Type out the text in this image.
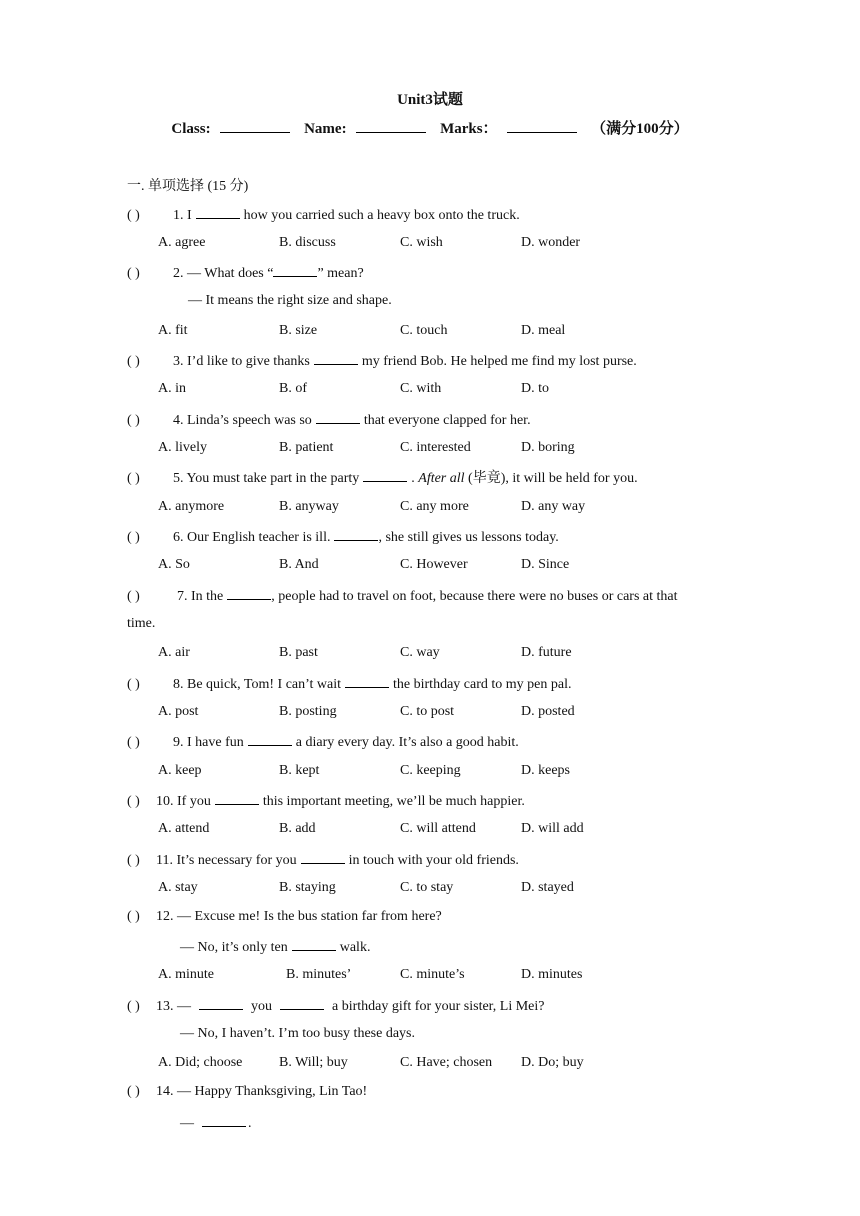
Unit3试题
Class:	Name:	Marks：	（满分100分）
一. 单项选择 (15 分)
( ) 1. I	how you carried such a heavy box onto the truck.
A. agree	B. discuss	C. wish	D. wonder
( ) 2. — What does “	” mean?
— It means the right size and shape.
A. fit	B. size	C. touch	D. meal
( ) 3. I’d like to give thanks	my friend Bob. He helped me find my lost purse.
A. in	B. of	C. with	D. to
( ) 4. Linda’s speech was so	that everyone clapped for her.
A. lively	B. patient	C. interested	D. boring
( ) 5. You must take part in the party	. After all (毕竟), it will be held for you.
A. anymore	B. anyway	C. any more	D. any way
( ) 6. Our English teacher is ill.	, she still gives us lessons today.
A. So	B. And	C. However	D. Since
( )	7. In the	, people had to travel on foot, because there were no buses or cars at that
time.
A. air	B. past	C. way	D. future
( ) 8. Be quick, Tom! I can’t wait	the birthday card to my pen pal.
A. post	B. posting	C. to post	D. posted
( ) 9. I have fun	a diary every day. It’s also a good habit.
A. keep	B. kept	C. keeping	D. keeps
( ) 10. If you	this important meeting, we’ll be much happier.
A. attend	B. add	C. will attend	D. will add
( ) 11. It’s necessary for you	in touch with your old friends.
A. stay	B. staying	C. to stay	D. stayed
( ) 12. — Excuse me! Is the bus station far from here?
— No, it’s only ten	walk.
A. minute	B. minutes’	C. minute’s	D. minutes
( ) 13. —	you	a birthday gift for your sister, Li Mei?
— No, I haven’t. I’m too busy these days.
A. Did; choose	B. Will; buy	C. Have; chosen D. Do; buy
( ) 14. — Happy Thanksgiving, Lin Tao!
—	.
